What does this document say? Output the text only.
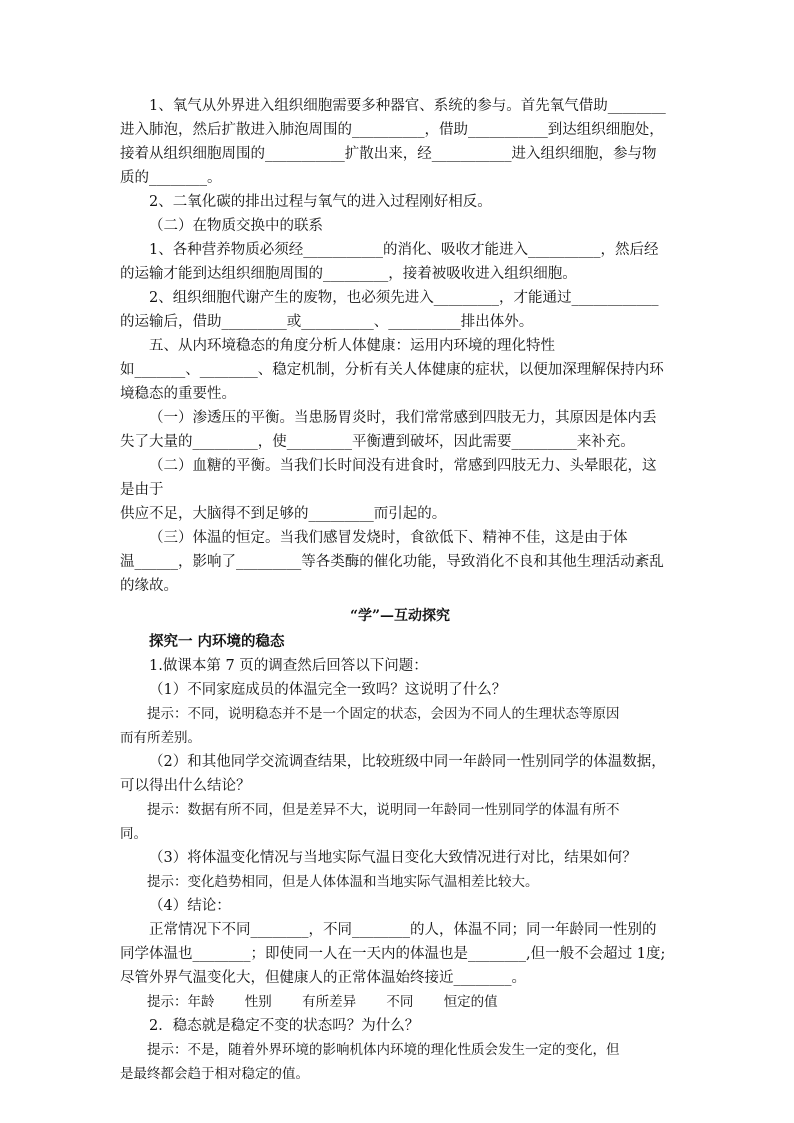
1、氧气从外界进入组织细胞需要多种器官、系统的参与。首先氧气借助________

进入肺泡，然后扩散进入肺泡周围的__________，借助___________到达组织细胞处，

接着从组织细胞周围的___________扩散出来，经___________进入组织细胞，参与物

质的________。

2、二氧化碳的排出过程与氧气的进入过程刚好相反。

（二）在物质交换中的联系

1、各种营养物质必须经___________的消化、吸收才能进入__________，然后经

的运输才能到达组织细胞周围的_________，接着被吸收进入组织细胞。

2、组织细胞代谢产生的废物，也必须先进入_________，才能通过____________

的运输后，借助_________或__________、__________排出体外。

五、从内环境稳态的角度分析人体健康：运用内环境的理化特性

如_______、________、稳定机制，分析有关人体健康的症状，以便加深理解保持内环

境稳态的重要性。

（一）渗透压的平衡。当患肠胃炎时，我们常常感到四肢无力，其原因是体内丢

失了大量的_________，使_________平衡遭到破坏，因此需要_________来补充。

（二）血糖的平衡。当我们长时间没有进食时，常感到四肢无力、头晕眼花，这

是由于

供应不足，大脑得不到足够的_________而引起的。

（三）体温的恒定。当我们感冒发烧时，食欲低下、精神不佳，这是由于体

温______，影响了_________等各类酶的催化功能，导致消化不良和其他生理活动紊乱

的缘故。

“学”—互动探究

探究一 内环境的稳态

1.做课本第 7 页的调查然后回答以下问题：

（1）不同家庭成员的体温完全一致吗？这说明了什么？

提示：不同，说明稳态并不是一个固定的状态，会因为不同人的生理状态等原因

而有所差别。

（2）和其他同学交流调查结果，比较班级中同一年龄同一性别同学的体温数据，

可以得出什么结论？

提示：数据有所不同，但是差异不大，说明同一年龄同一性别同学的体温有所不

同。

（3）将体温变化情况与当地实际气温日变化大致情况进行对比，结果如何？

提示：变化趋势相同，但是人体体温和当地实际气温相差比较大。

（4）结论：

正常情况下不同________，不同________的人，体温不同；同一年龄同一性别的

同学体温也________；即使同一人在一天内的体温也是________,但一般不会超过 1度;

尽管外界气温变化大，但健康人的正常体温始终接近________。

提示：年龄 性别 有所差异 不同 恒定的值

2．稳态就是稳定不变的状态吗？为什么？

提示：不是，随着外界环境的影响机体内环境的理化性质会发生一定的变化，但

是最终都会趋于相对稳定的值。
